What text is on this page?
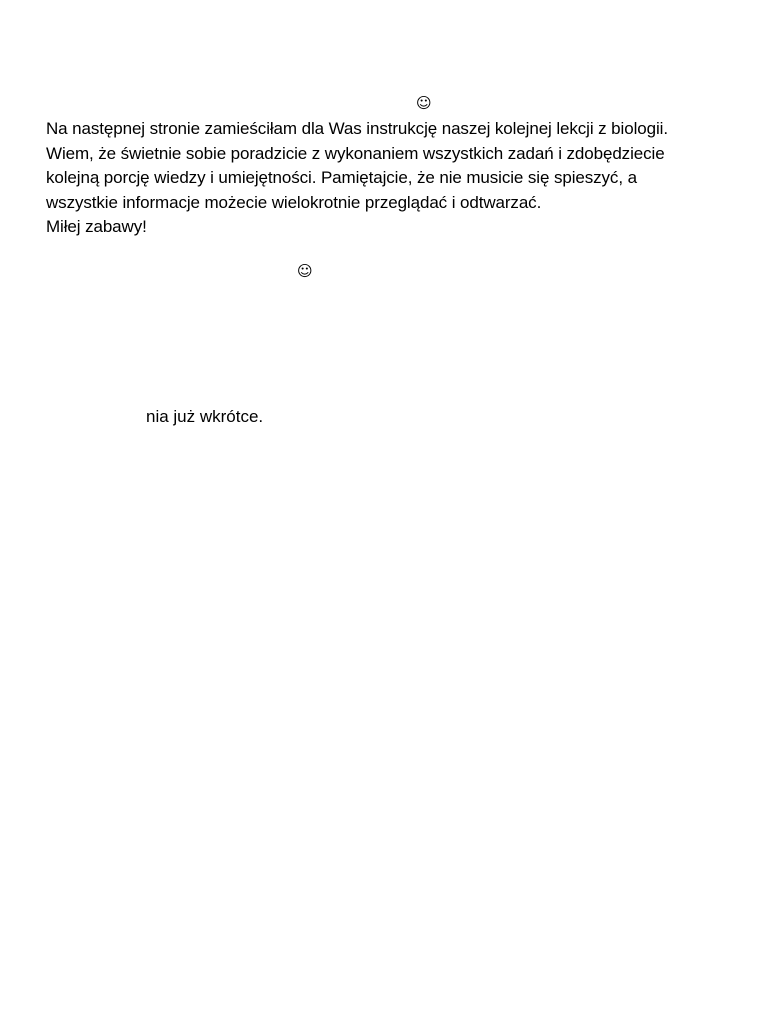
☺

Na następnej stronie zamieściłam dla Was instrukcję naszej kolejnej lekcji z biologii.

Wiem, że świetnie sobie poradzicie z wykonaniem wszystkich zadań i zdobędziecie

kolejną porcję wiedzy i umiejętności. Pamiętajcie, że nie musicie się spieszyć, a

wszystkie informacje możecie wielokrotnie przeglądać i odtwarzać.

Miłej zabawy!

☺
nia już wkrótce.
